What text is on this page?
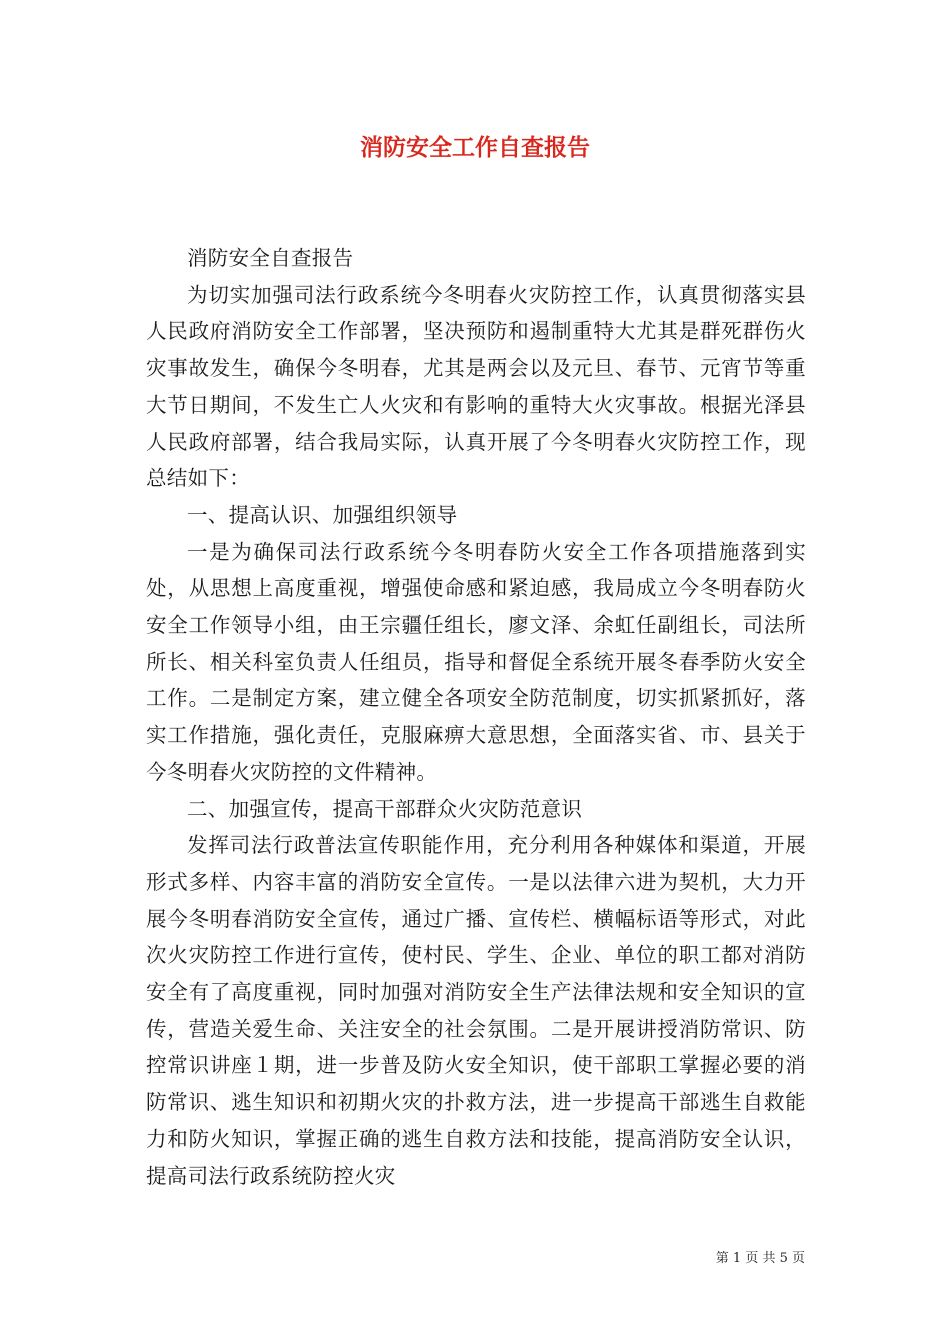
消防安全工作自查报告

消防安全自查报告

为切实加强司法行政系统今冬明春火灾防控工作，认真贯彻落实县人民政府消防安全工作部署，坚决预防和遏制重特大尤其是群死群伤火灾事故发生，确保今冬明春，尤其是两会以及元旦、春节、元宵节等重大节日期间，不发生亡人火灾和有影响的重特大火灾事故。根据光泽县人民政府部署，结合我局实际，认真开展了今冬明春火灾防控工作，现总结如下：

一、提高认识、加强组织领导

一是为确保司法行政系统今冬明春防火安全工作各项措施落到实处，从思想上高度重视，增强使命感和紧迫感，我局成立今冬明春防火安全工作领导小组，由王宗疆任组长，廖文泽、余虹任副组长，司法所所长、相关科室负责人任组员，指导和督促全系统开展冬春季防火安全工作。二是制定方案，建立健全各项安全防范制度，切实抓紧抓好，落实工作措施，强化责任，克服麻痹大意思想，全面落实省、市、县关于今冬明春火灾防控的文件精神。

二、加强宣传，提高干部群众火灾防范意识

发挥司法行政普法宣传职能作用，充分利用各种媒体和渠道，开展形式多样、内容丰富的消防安全宣传。一是以法律六进为契机，大力开展今冬明春消防安全宣传，通过广播、宣传栏、横幅标语等形式，对此次火灾防控工作进行宣传，使村民、学生、企业、单位的职工都对消防安全有了高度重视，同时加强对消防安全生产法律法规和安全知识的宣传，营造关爱生命、关注安全的社会氛围。二是开展讲授消防常识、防控常识讲座１期，进一步普及防火安全知识，使干部职工掌握必要的消防常识、逃生知识和初期火灾的扑救方法，进一步提高干部逃生自救能力和防火知识，掌握正确的逃生自救方法和技能，提高消防安全认识，提高司法行政系统防控火灾

第 1 页 共 5 页
